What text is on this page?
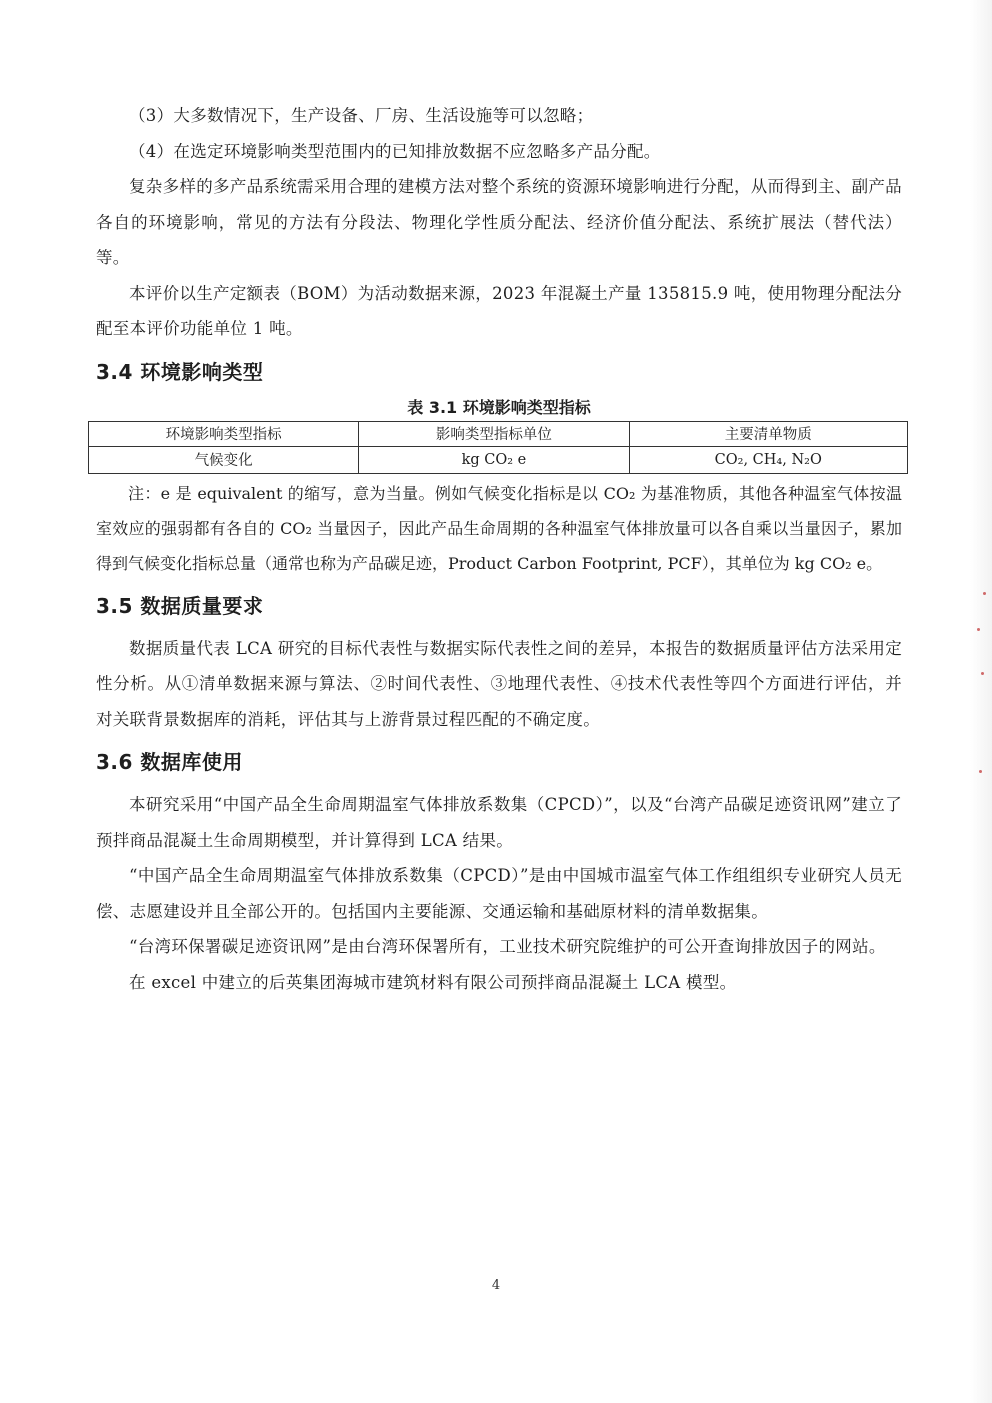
（3）大多数情况下，生产设备、厂房、生活设施等可以忽略；

（4）在选定环境影响类型范围内的已知排放数据不应忽略多产品分配。

复杂多样的多产品系统需采用合理的建模方法对整个系统的资源环境影响进行分配，从而得到主、副产品各自的环境影响，常见的方法有分段法、物理化学性质分配法、经济价值分配法、系统扩展法（替代法）等。

本评价以生产定额表（BOM）为活动数据来源，2023 年混凝土产量 135815.9 吨，使用物理分配法分配至本评价功能单位 1 吨。

3.4 环境影响类型
表 3.1 环境影响类型指标
环境影响类型指标	影响类型指标单位	主要清单物质
气候变化	kg CO₂ e	CO₂, CH₄, N₂O

注：e 是 equivalent 的缩写，意为当量。例如气候变化指标是以 CO₂ 为基准物质，其他各种温室气体按温室效应的强弱都有各自的 CO₂ 当量因子，因此产品生命周期的各种温室气体排放量可以各自乘以当量因子，累加得到气候变化指标总量（通常也称为产品碳足迹，Product Carbon Footprint, PCF），其单位为 kg CO₂ e。

3.5 数据质量要求

数据质量代表 LCA 研究的目标代表性与数据实际代表性之间的差异，本报告的数据质量评估方法采用定性分析。从①清单数据来源与算法、②时间代表性、③地理代表性、④技术代表性等四个方面进行评估，并对关联背景数据库的消耗，评估其与上游背景过程匹配的不确定度。

3.6 数据库使用

本研究采用“中国产品全生命周期温室气体排放系数集（CPCD）”，以及“台湾产品碳足迹资讯网”建立了预拌商品混凝土生命周期模型，并计算得到 LCA 结果。

“中国产品全生命周期温室气体排放系数集（CPCD）”是由中国城市温室气体工作组组织专业研究人员无偿、志愿建设并且全部公开的。包括国内主要能源、交通运输和基础原材料的清单数据集。

“台湾环保署碳足迹资讯网”是由台湾环保署所有，工业技术研究院维护的可公开查询排放因子的网站。

在 excel 中建立的后英集团海城市建筑材料有限公司预拌商品混凝土 LCA 模型。

4
